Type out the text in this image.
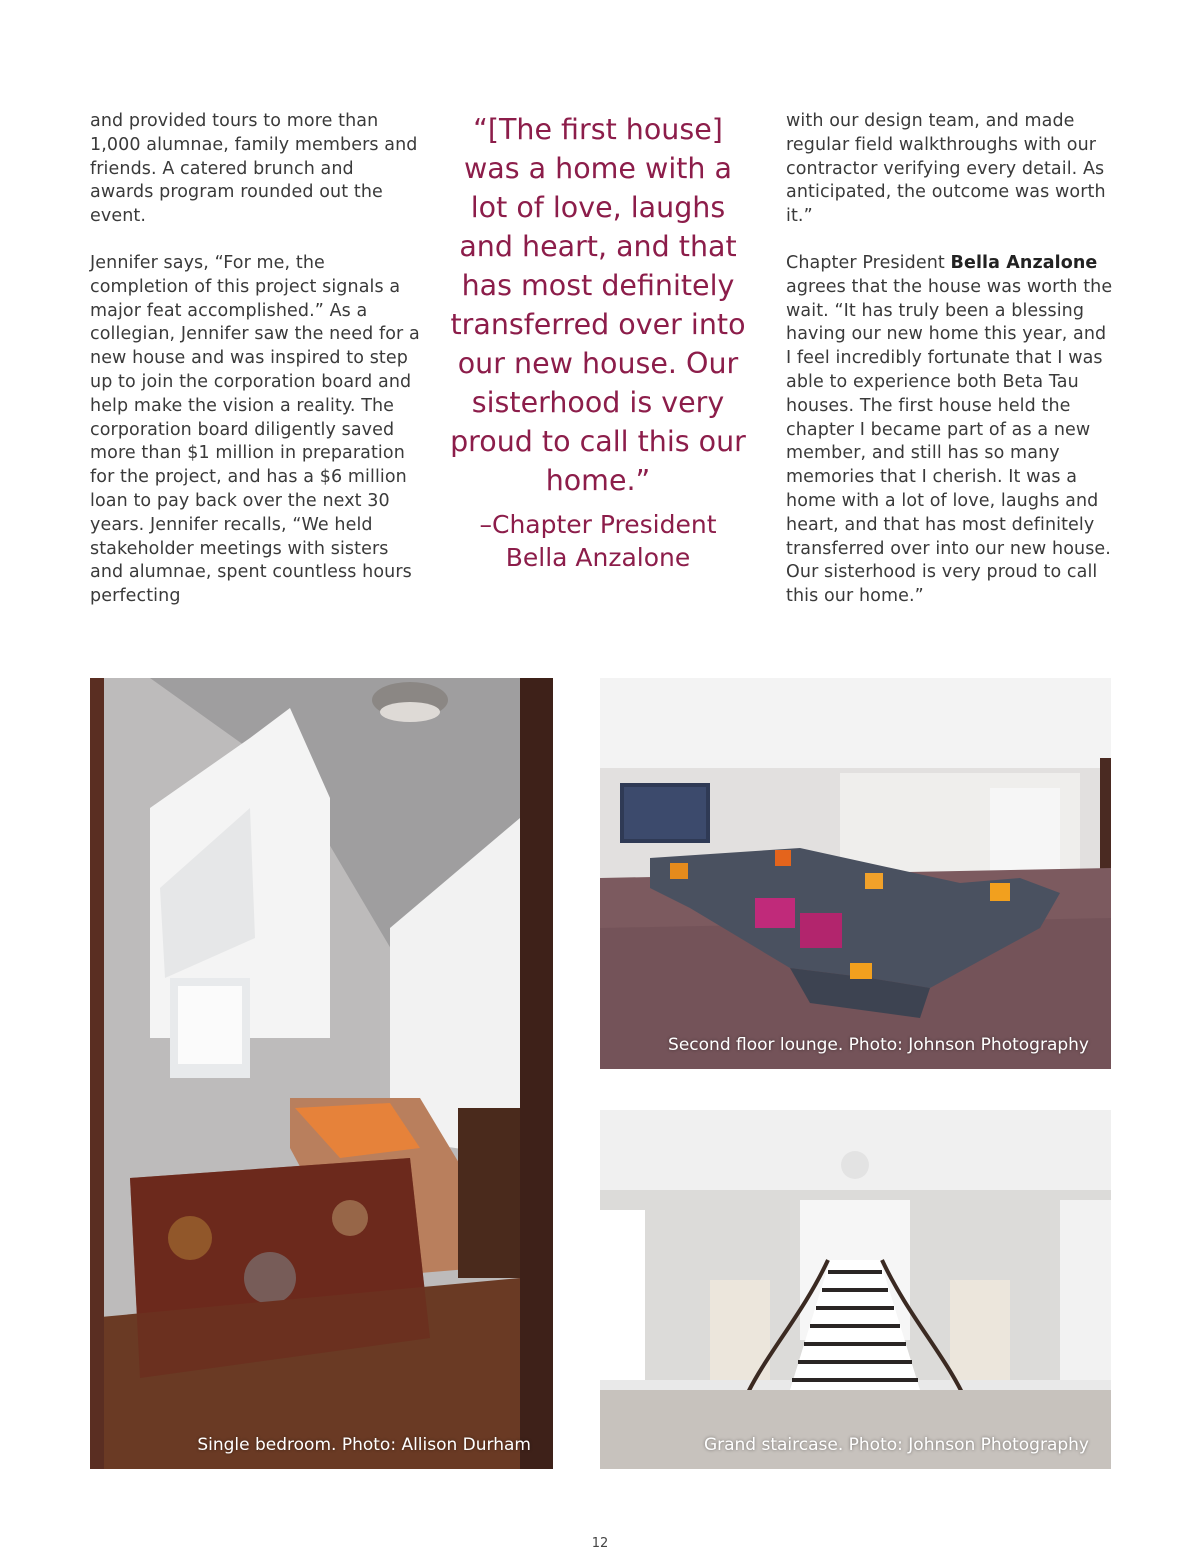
and provided tours to more than 1,000 alumnae, family members and friends. A catered brunch and awards program rounded out the event.

Jennifer says, “For me, the completion of this project signals a major feat accomplished.” As a collegian, Jennifer saw the need for a new house and was inspired to step up to join the corporation board and help make the vision a reality. The corporation board diligently saved more than $1 million in preparation for the project, and has a $6 million loan to pay back over the next 30 years. Jennifer recalls, “We held stakeholder meetings with sisters and alumnae, spent countless hours perfecting

“[The first house] was a home with a lot of love, laughs and heart, and that has most definitely transferred over into our new house. Our sisterhood is very proud to call this our home.”
–Chapter President
Bella Anzalone

with our design team, and made regular field walkthroughs with our contractor verifying every detail. As anticipated, the outcome was worth it.”

Chapter President Bella Anzalone agrees that the house was worth the wait. “It has truly been a blessing having our new home this year, and I feel incredibly fortunate that I was able to experience both Beta Tau houses. The first house held the chapter I became part of as a new member, and still has so many memories that I cherish. It was a home with a lot of love, laughs and heart, and that has most definitely transferred over into our new house. Our sisterhood is very proud to call this our home.”

Single bedroom. Photo: Allison Durham
Second floor lounge. Photo: Johnson Photography
Grand staircase. Photo: Johnson Photography
12
